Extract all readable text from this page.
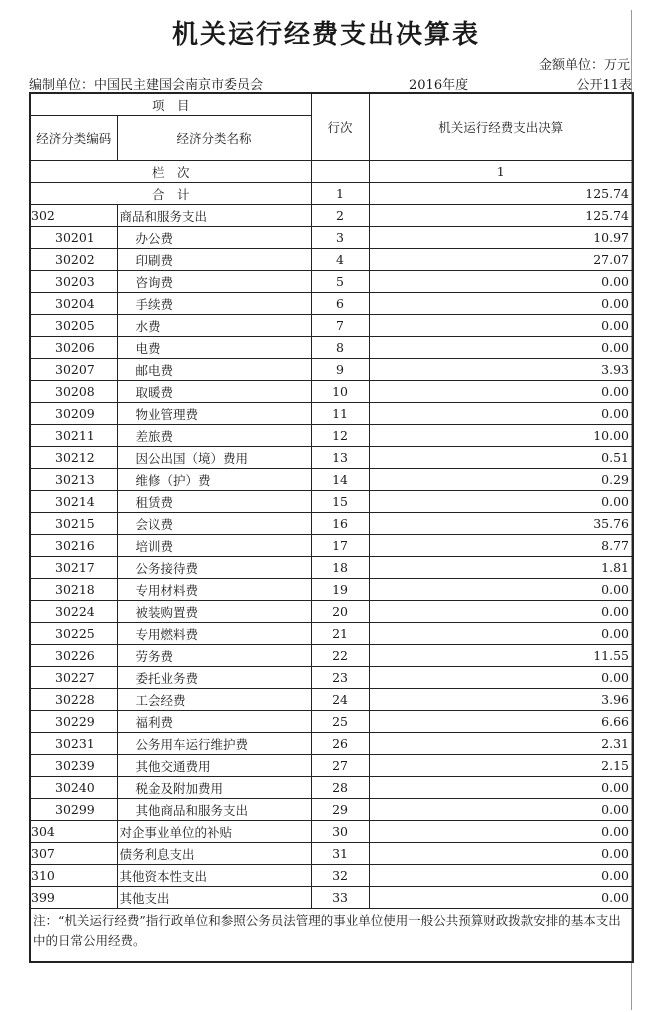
机关运行经费支出决算表
金额单位：万元
编制单位：中国民主建国会南京市委员会	2016年度	公开11表
项　目		行次	机关运行经费支出决算
经济分类编码	经济分类名称		
栏　次			1
合　计		1	125.74
302	商品和服务支出	2	125.74
30201	办公费	3	10.97
30202	印刷费	4	27.07
30203	咨询费	5	0.00
30204	手续费	6	0.00
30205	水费	7	0.00
30206	电费	8	0.00
30207	邮电费	9	3.93
30208	取暖费	10	0.00
30209	物业管理费	11	0.00
30211	差旅费	12	10.00
30212	因公出国（境）费用	13	0.51
30213	维修（护）费	14	0.29
30214	租赁费	15	0.00
30215	会议费	16	35.76
30216	培训费	17	8.77
30217	公务接待费	18	1.81
30218	专用材料费	19	0.00
30224	被装购置费	20	0.00
30225	专用燃料费	21	0.00
30226	劳务费	22	11.55
30227	委托业务费	23	0.00
30228	工会经费	24	3.96
30229	福利费	25	6.66
30231	公务用车运行维护费	26	2.31
30239	其他交通费用	27	2.15
30240	税金及附加费用	28	0.00
30299	其他商品和服务支出	29	0.00
304	对企事业单位的补贴	30	0.00
307	债务利息支出	31	0.00
310	其他资本性支出	32	0.00
399	其他支出	33	0.00
注：“机关运行经费”指行政单位和参照公务员法管理的事业单位使用一般公共预算财政拨款安排的基本支出中的日常公用经费。			
